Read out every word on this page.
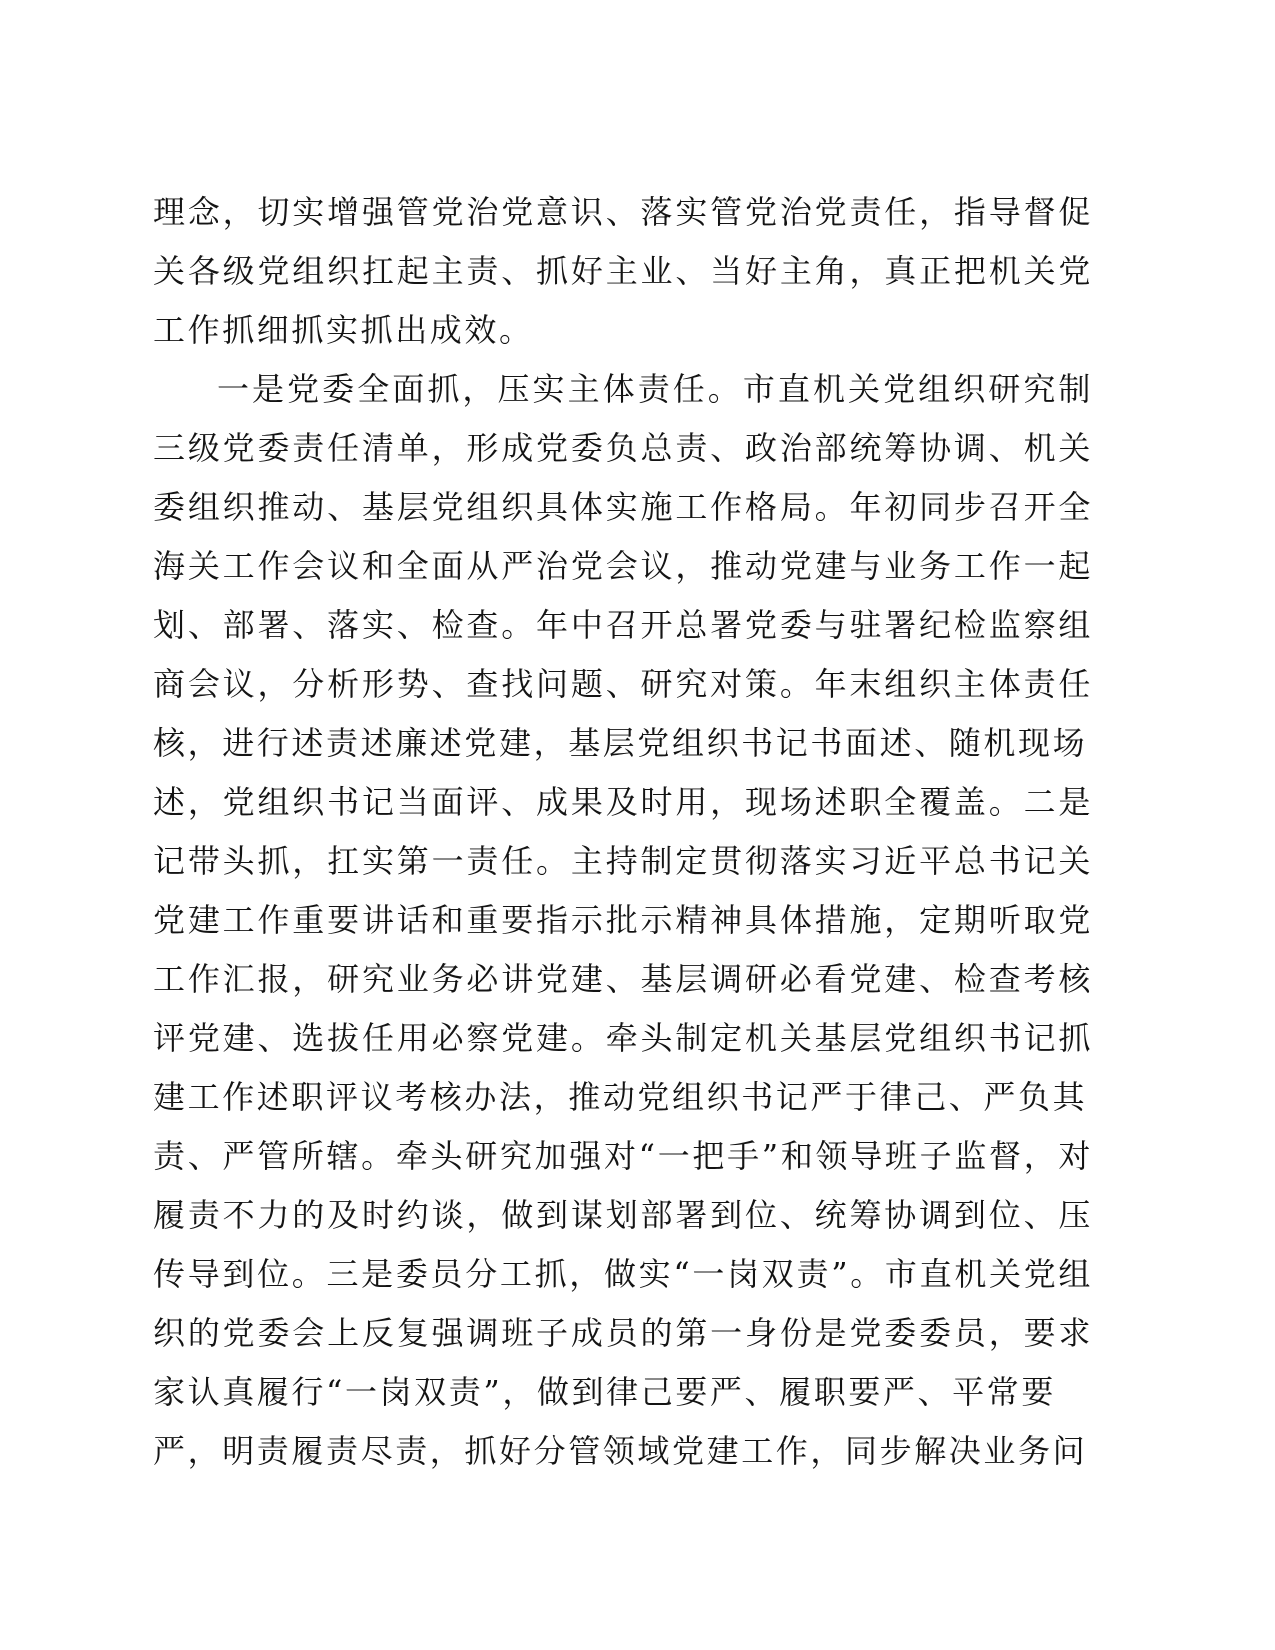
理念，切实增强管党治党意识、落实管党治党责任，指导督促
关各级党组织扛起主责、抓好主业、当好主角，真正把机关党
工作抓细抓实抓出成效。
一是党委全面抓，压实主体责任。市直机关党组织研究制
三级党委责任清单，形成党委负总责、政治部统筹协调、机关
委组织推动、基层党组织具体实施工作格局。年初同步召开全
海关工作会议和全面从严治党会议，推动党建与业务工作一起
划、部署、落实、检查。年中召开总署党委与驻署纪检监察组
商会议，分析形势、查找问题、研究对策。年末组织主体责任
核，进行述责述廉述党建，基层党组织书记书面述、随机现场
述，党组织书记当面评、成果及时用，现场述职全覆盖。二是
记带头抓，扛实第一责任。主持制定贯彻落实习近平总书记关
党建工作重要讲话和重要指示批示精神具体措施，定期听取党
工作汇报，研究业务必讲党建、基层调研必看党建、检查考核
评党建、选拔任用必察党建。牵头制定机关基层党组织书记抓
建工作述职评议考核办法，推动党组织书记严于律己、严负其
责、严管所辖。牵头研究加强对“一把手”和领导班子监督，对
履责不力的及时约谈，做到谋划部署到位、统筹协调到位、压
传导到位。三是委员分工抓，做实“一岗双责”。市直机关党组
织的党委会上反复强调班子成员的第一身份是党委委员，要求
家认真履行“一岗双责”，做到律己要严、履职要严、平常要
严，明责履责尽责，抓好分管领域党建工作，同步解决业务问
